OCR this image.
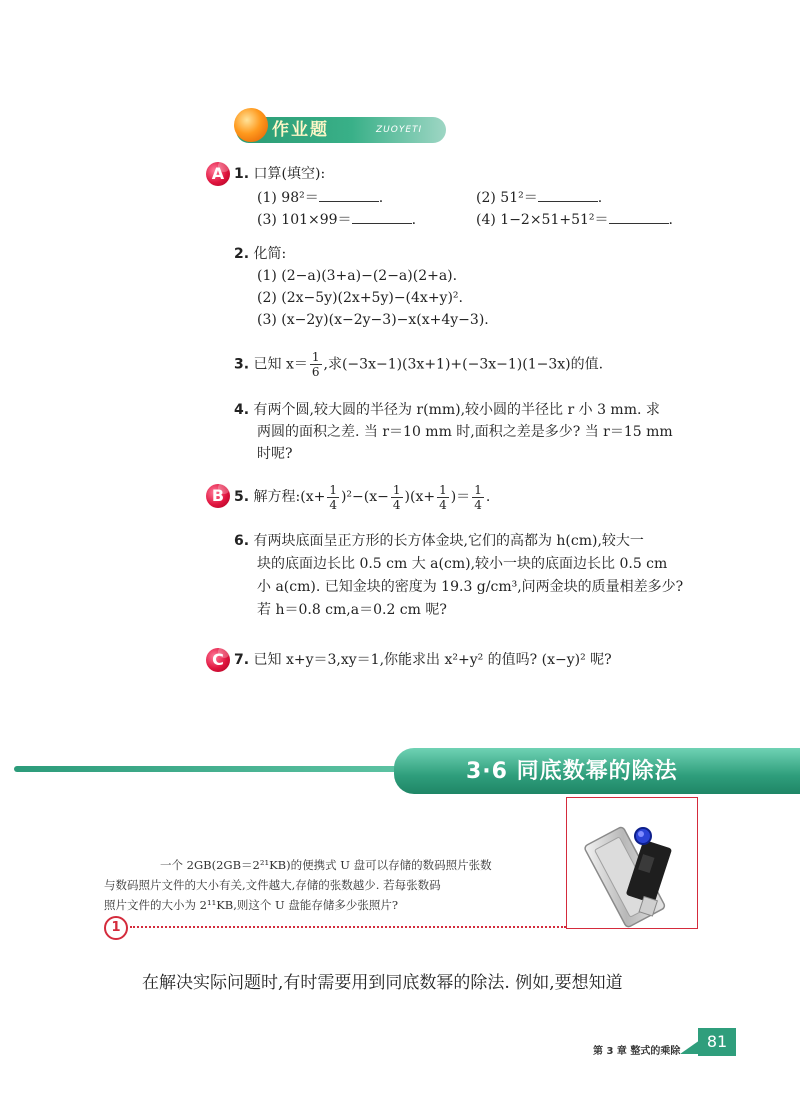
作业题	ZUOYETI
A 1. 口算(填空):
(1) 98²＝	.	(2) 51²＝	.
(3) 101×99＝	.	(4) 1−2×51+51²＝	.
2. 化简:
(1) (2−a)(3+a)−(2−a)(2+a).
(2) (2x−5y)(2x+5y)−(4x+y)².
(3) (x−2y)(x−2y−3)−x(x+4y−3).
3. 已知 $x= \frac{1}{6}$ ,求(−3x−1)(3x+1)+(−3x−1)(1−3x)的值.
4. 有两个圆,较大圆的半径为 r(mm),较小圆的半径比 r 小 3 mm. 求
两圆的面积之差. 当 r＝10 mm 时,面积之差是多少? 当 r＝15 mm
时呢?
B 5. 解方程:(x+ $\frac{1}{4} )^2-(x- \frac{1}{4} )(x+ \frac{1}{4}$ )＝ $\frac{1}{4}$ .
6. 有两块底面呈正方形的长方体金块,它们的高都为 h(cm),较大一
块的底面边长比 0.5 cm 大 a(cm),较小一块的底面边长比 0.5 cm
小 a(cm). 已知金块的密度为 19.3 g/cm³,问两金块的质量相差多少?
若 h＝0.8 cm,a＝0.2 cm 呢?
C 7. 已知 x+y＝3,xy＝1,你能求出 x²+y² 的值吗? (x−y)² 呢?
3·6 同底数幂的除法
一个 2GB(2GB＝2²¹KB)的便携式 U 盘可以存储的数码照片张数
与数码照片文件的大小有关,文件越大,存储的张数越少. 若每张数码
照片文件的大小为 2¹¹KB,则这个 U 盘能存储多少张照片?
1
在解决实际问题时,有时需要用到同底数幂的除法. 例如,要想知道
第 3 章 整式的乘除
81
